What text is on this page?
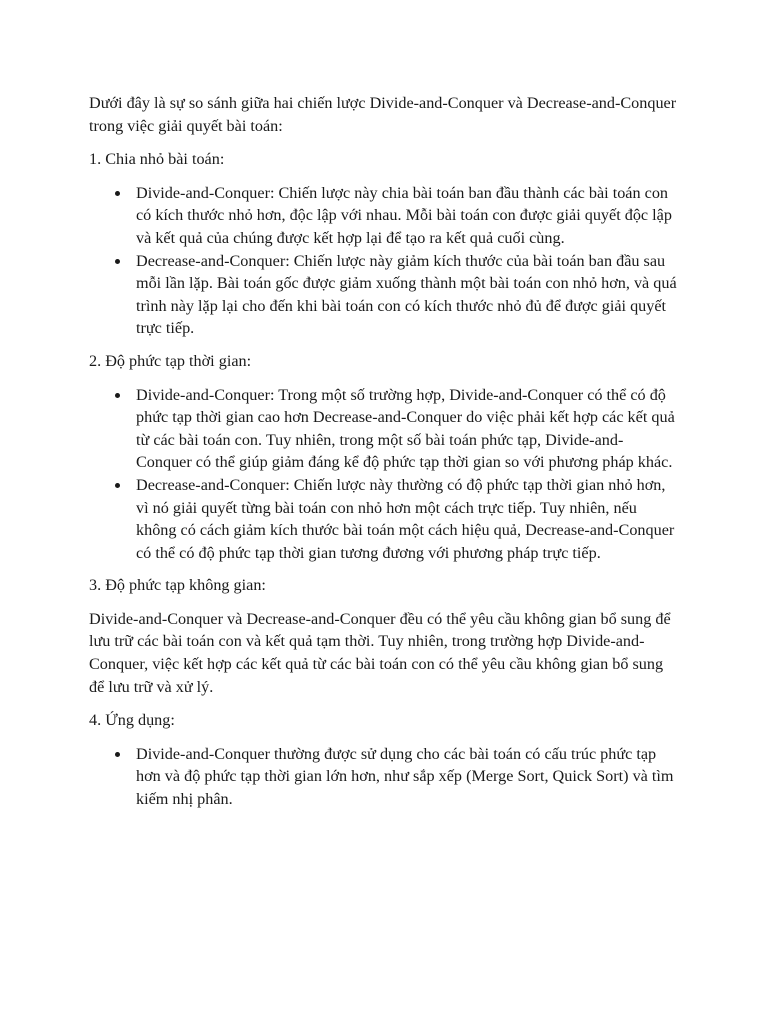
Dưới đây là sự so sánh giữa hai chiến lược Divide-and-Conquer và Decrease-and-Conquer trong việc giải quyết bài toán:

1. Chia nhỏ bài toán:

Divide-and-Conquer: Chiến lược này chia bài toán ban đầu thành các bài toán con có kích thước nhỏ hơn, độc lập với nhau. Mỗi bài toán con được giải quyết độc lập và kết quả của chúng được kết hợp lại để tạo ra kết quả cuối cùng.
Decrease-and-Conquer: Chiến lược này giảm kích thước của bài toán ban đầu sau mỗi lần lặp. Bài toán gốc được giảm xuống thành một bài toán con nhỏ hơn, và quá trình này lặp lại cho đến khi bài toán con có kích thước nhỏ đủ để được giải quyết trực tiếp.

2. Độ phức tạp thời gian:

Divide-and-Conquer: Trong một số trường hợp, Divide-and-Conquer có thể có độ phức tạp thời gian cao hơn Decrease-and-Conquer do việc phải kết hợp các kết quả từ các bài toán con. Tuy nhiên, trong một số bài toán phức tạp, Divide-and-Conquer có thể giúp giảm đáng kể độ phức tạp thời gian so với phương pháp khác.
Decrease-and-Conquer: Chiến lược này thường có độ phức tạp thời gian nhỏ hơn, vì nó giải quyết từng bài toán con nhỏ hơn một cách trực tiếp. Tuy nhiên, nếu không có cách giảm kích thước bài toán một cách hiệu quả, Decrease-and-Conquer có thể có độ phức tạp thời gian tương đương với phương pháp trực tiếp.

3. Độ phức tạp không gian:

Divide-and-Conquer và Decrease-and-Conquer đều có thể yêu cầu không gian bổ sung để lưu trữ các bài toán con và kết quả tạm thời. Tuy nhiên, trong trường hợp Divide-and-Conquer, việc kết hợp các kết quả từ các bài toán con có thể yêu cầu không gian bổ sung để lưu trữ và xử lý.

4. Ứng dụng:

Divide-and-Conquer thường được sử dụng cho các bài toán có cấu trúc phức tạp hơn và độ phức tạp thời gian lớn hơn, như sắp xếp (Merge Sort, Quick Sort) và tìm kiếm nhị phân.
